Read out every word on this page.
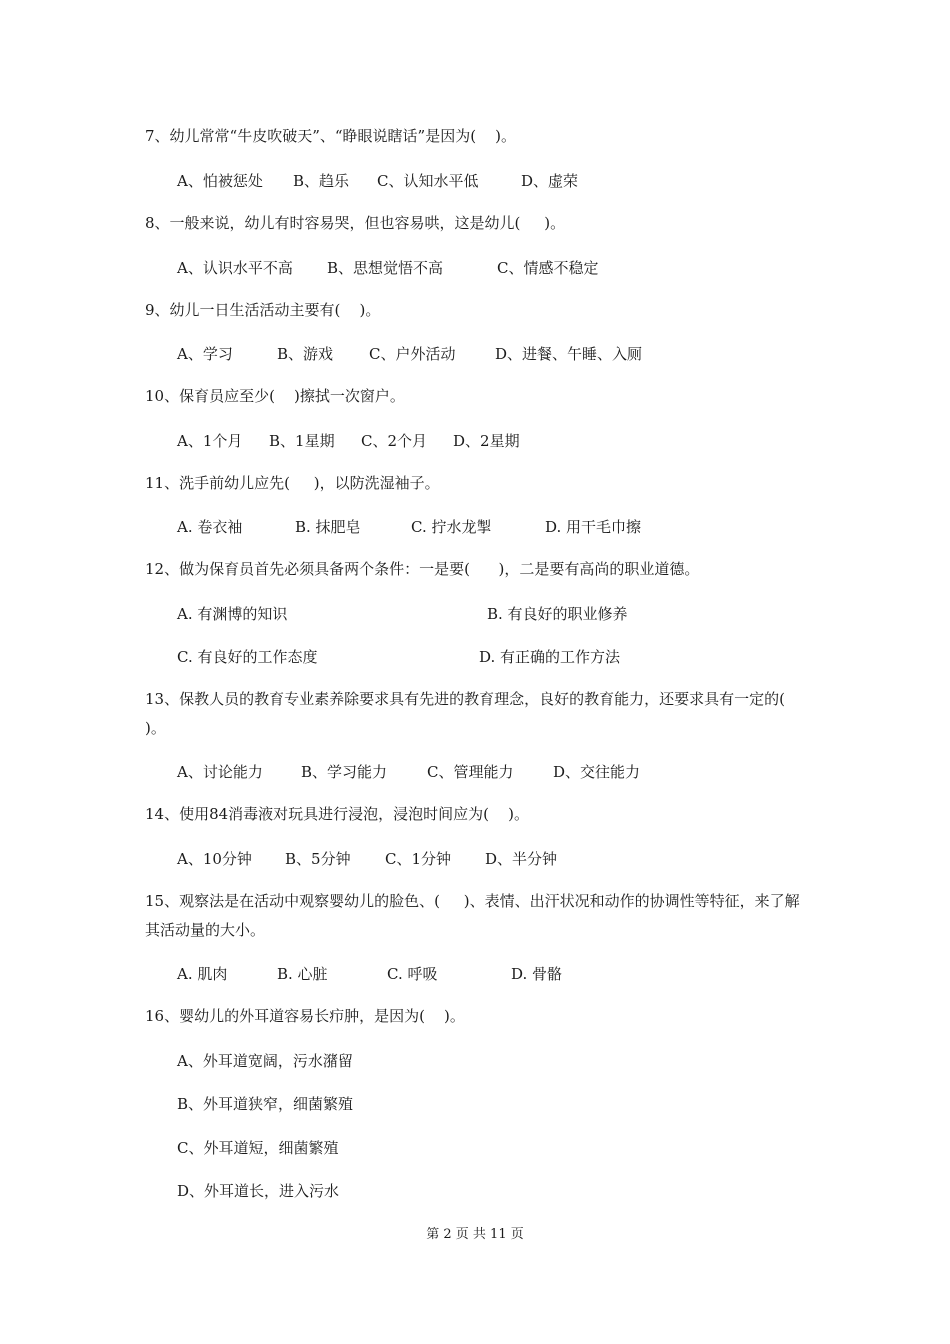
7、幼儿常常“牛皮吹破天”、“睁眼说瞎话”是因为(    )。

A、怕被惩处

B、趋乐

C、认知水平低

	D、虚荣

8、一般来说，幼儿有时容易哭，但也容易哄，这是幼儿(     )。

A、认识水平不高

B、思想觉悟不高

	C、情感不稳定

9、幼儿一日生活活动主要有(    )。

A、学习

	B、游戏

C、户外活动

	D、进餐、午睡、入厕

10、保育员应至少(    )擦拭一次窗户。

A、1个月

B、1星期

C、2个月

D、2星期

11、洗手前幼儿应先(     )，以防洗湿袖子。

A. 卷衣袖

	B. 抹肥皂

	C. 拧水龙掣

	D. 用干毛巾擦

12、做为保育员首先必须具备两个条件：一是要(      )，二是要有高尚的职业道德。

A. 有渊博的知识

	B. 有良好的职业修养

C. 有良好的工作态度

	D. 有正确的工作方法

13、保教人员的教育专业素养除要求具有先进的教育理念，良好的教育能力，还要求具有一定的(     )。

A、讨论能力

	B、学习能力

	C、管理能力

	D、交往能力

14、使用84消毒液对玩具进行浸泡，浸泡时间应为(    )。

A、10分钟

B、5分钟

C、1分钟

D、半分钟

15、观察法是在活动中观察婴幼儿的脸色、(     )、表情、出汗状况和动作的协调性等特征，来了解其活动量的大小。

A. 肌肉

	B. 心脏

	C. 呼吸

	D. 骨骼

16、婴幼儿的外耳道容易长疖肿，是因为(    )。

A、外耳道宽阔，污水潴留

B、外耳道狭窄，细菌繁殖

C、外耳道短，细菌繁殖

D、外耳道长，进入污水

第 2 页 共 11 页
